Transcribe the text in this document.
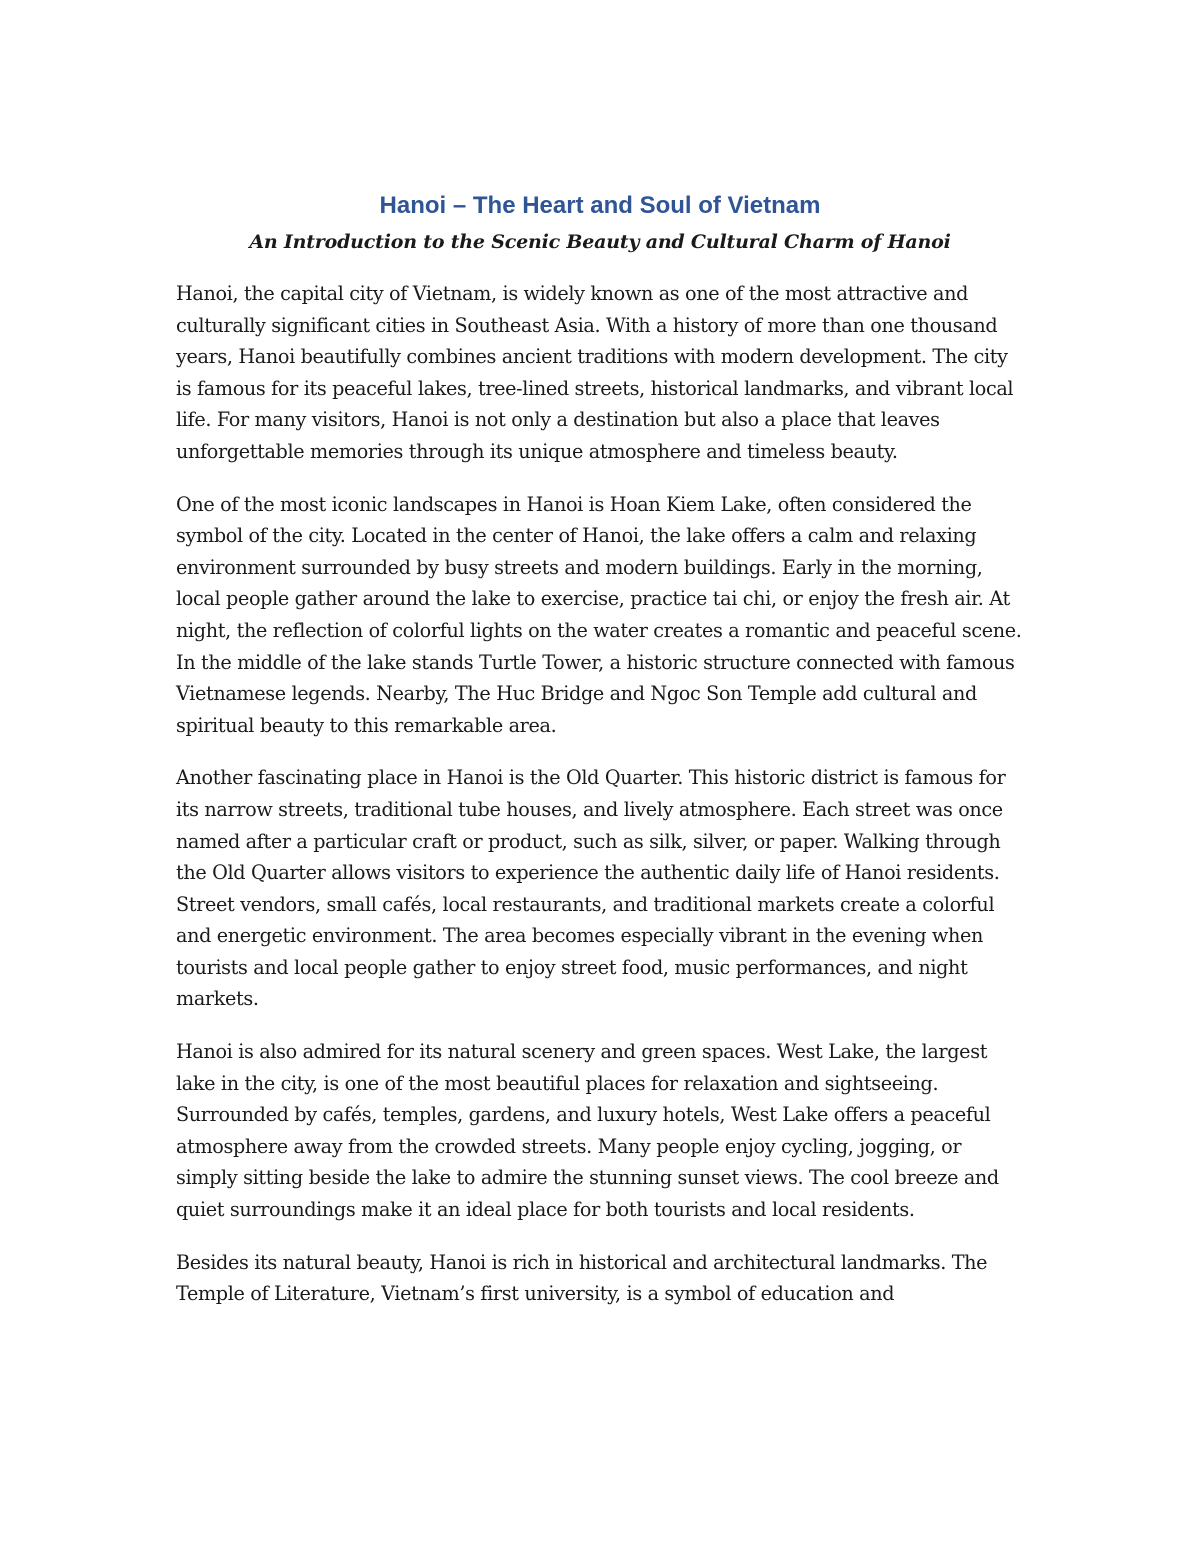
Hanoi – The Heart and Soul of Vietnam
An Introduction to the Scenic Beauty and Cultural Charm of Hanoi

Hanoi, the capital city of Vietnam, is widely known as one of the most attractive and culturally significant cities in Southeast Asia. With a history of more than one thousand years, Hanoi beautifully combines ancient traditions with modern development. The city is famous for its peaceful lakes, tree-lined streets, historical landmarks, and vibrant local life. For many visitors, Hanoi is not only a destination but also a place that leaves unforgettable memories through its unique atmosphere and timeless beauty.

One of the most iconic landscapes in Hanoi is Hoan Kiem Lake, often considered the symbol of the city. Located in the center of Hanoi, the lake offers a calm and relaxing environment surrounded by busy streets and modern buildings. Early in the morning, local people gather around the lake to exercise, practice tai chi, or enjoy the fresh air. At night, the reflection of colorful lights on the water creates a romantic and peaceful scene. In the middle of the lake stands Turtle Tower, a historic structure connected with famous Vietnamese legends. Nearby, The Huc Bridge and Ngoc Son Temple add cultural and spiritual beauty to this remarkable area.

Another fascinating place in Hanoi is the Old Quarter. This historic district is famous for its narrow streets, traditional tube houses, and lively atmosphere. Each street was once named after a particular craft or product, such as silk, silver, or paper. Walking through the Old Quarter allows visitors to experience the authentic daily life of Hanoi residents. Street vendors, small cafés, local restaurants, and traditional markets create a colorful and energetic environment. The area becomes especially vibrant in the evening when tourists and local people gather to enjoy street food, music performances, and night markets.

Hanoi is also admired for its natural scenery and green spaces. West Lake, the largest lake in the city, is one of the most beautiful places for relaxation and sightseeing. Surrounded by cafés, temples, gardens, and luxury hotels, West Lake offers a peaceful atmosphere away from the crowded streets. Many people enjoy cycling, jogging, or simply sitting beside the lake to admire the stunning sunset views. The cool breeze and quiet surroundings make it an ideal place for both tourists and local residents.

Besides its natural beauty, Hanoi is rich in historical and architectural landmarks. The Temple of Literature, Vietnam’s first university, is a symbol of education and
